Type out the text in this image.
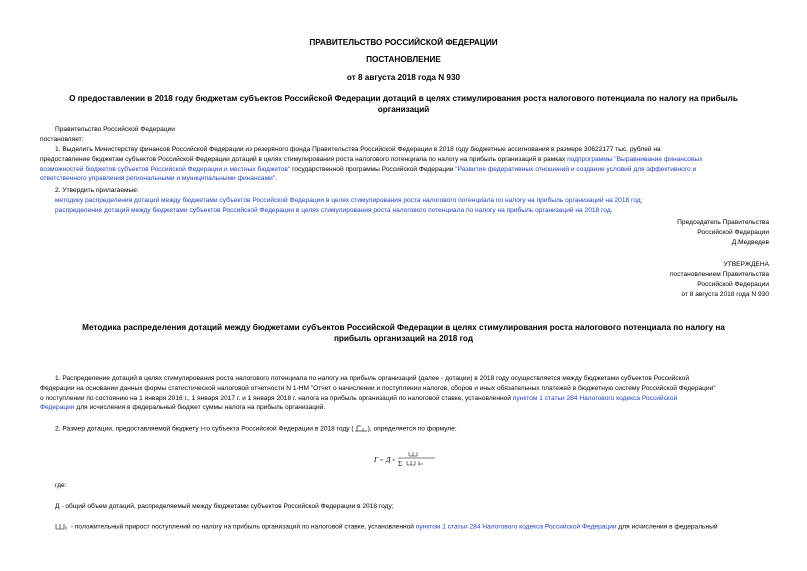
ПРАВИТЕЛЬСТВО РОССИЙСКОЙ ФЕДЕРАЦИИ
ПОСТАНОВЛЕНИЕ
от 8 августа 2018 года N 930
О предоставлении в 2018 году бюджетам субъектов Российской Федерации дотаций в целях стимулирования роста налогового потенциала по налогу на прибыль
организаций
Правительство Российской Федерации
постановляет:
1. Выделить Министерству финансов Российской Федерации из резервного фонда Правительства Российской Федерации в 2018 году бюджетные ассигнования в размере 30622177 тыс. рублей на
предоставление бюджетам субъектов Российской Федерации дотаций в целях стимулирования роста налогового потенциала по налогу на прибыль организаций в рамках подпрограммы "Выравнивание финансовых
возможностей бюджетов субъектов Российской Федерации и местных бюджетов" государственной программы Российской Федерации "Развитие федеративных отношений и создание условий для эффективного и
ответственного управления региональными и муниципальными финансами".
2. Утвердить прилагаемые:
методику распределения дотаций между бюджетами субъектов Российской Федерации в целях стимулирования роста налогового потенциала по налогу на прибыль организаций на 2018 год;
распределение дотаций между бюджетами субъектов Российской Федерации в целях стимулирования роста налогового потенциала по налогу на прибыль организаций на 2018 год.
Председатель Правительства
Российской Федерации
Д.Медведев
УТВЕРЖДЕНА
постановлением Правительства
Российской Федерации
от 8 августа 2018 года N 930
Методика распределения дотаций между бюджетами субъектов Российской Федерации в целях стимулирования роста налогового потенциала по налогу на
прибыль организаций на 2018 год
1. Распределение дотаций в целях стимулирования роста налогового потенциала по налогу на прибыль организаций (далее - дотации) в 2018 году осуществляется между бюджетами субъектов Российской
Федерации на основании данных формы статистической налоговой отчетности N 1-НМ "Отчет о начислении и поступлении налогов, сборов и иных обязательных платежей в бюджетную систему Российской Федерации"
о поступлении по состоянию на 1 января 2016 г., 1 января 2017 г. и 1 января 2018 г. налога на прибыль организаций по налоговой ставке, установленной пунктом 1 статьи 284 Налогового кодекса Российской
Федерации для исчисления в федеральный бюджет суммы налога на прибыль организаций.
2. Размер дотации, предоставляемой бюджету i-го субъекта Российской Федерации в 2018 году ( ), определяется по формуле:
Г = Д × Σ
где:
Д - общий объем дотаций, распределяемый между бюджетами субъектов Российской Федерации в 2018 году;
- положительный прирост поступлений по налогу на прибыль организаций по налоговой ставке, установленной пунктом 1 статьи 284 Налогового кодекса Российской Федерации для исчисления в федеральный
